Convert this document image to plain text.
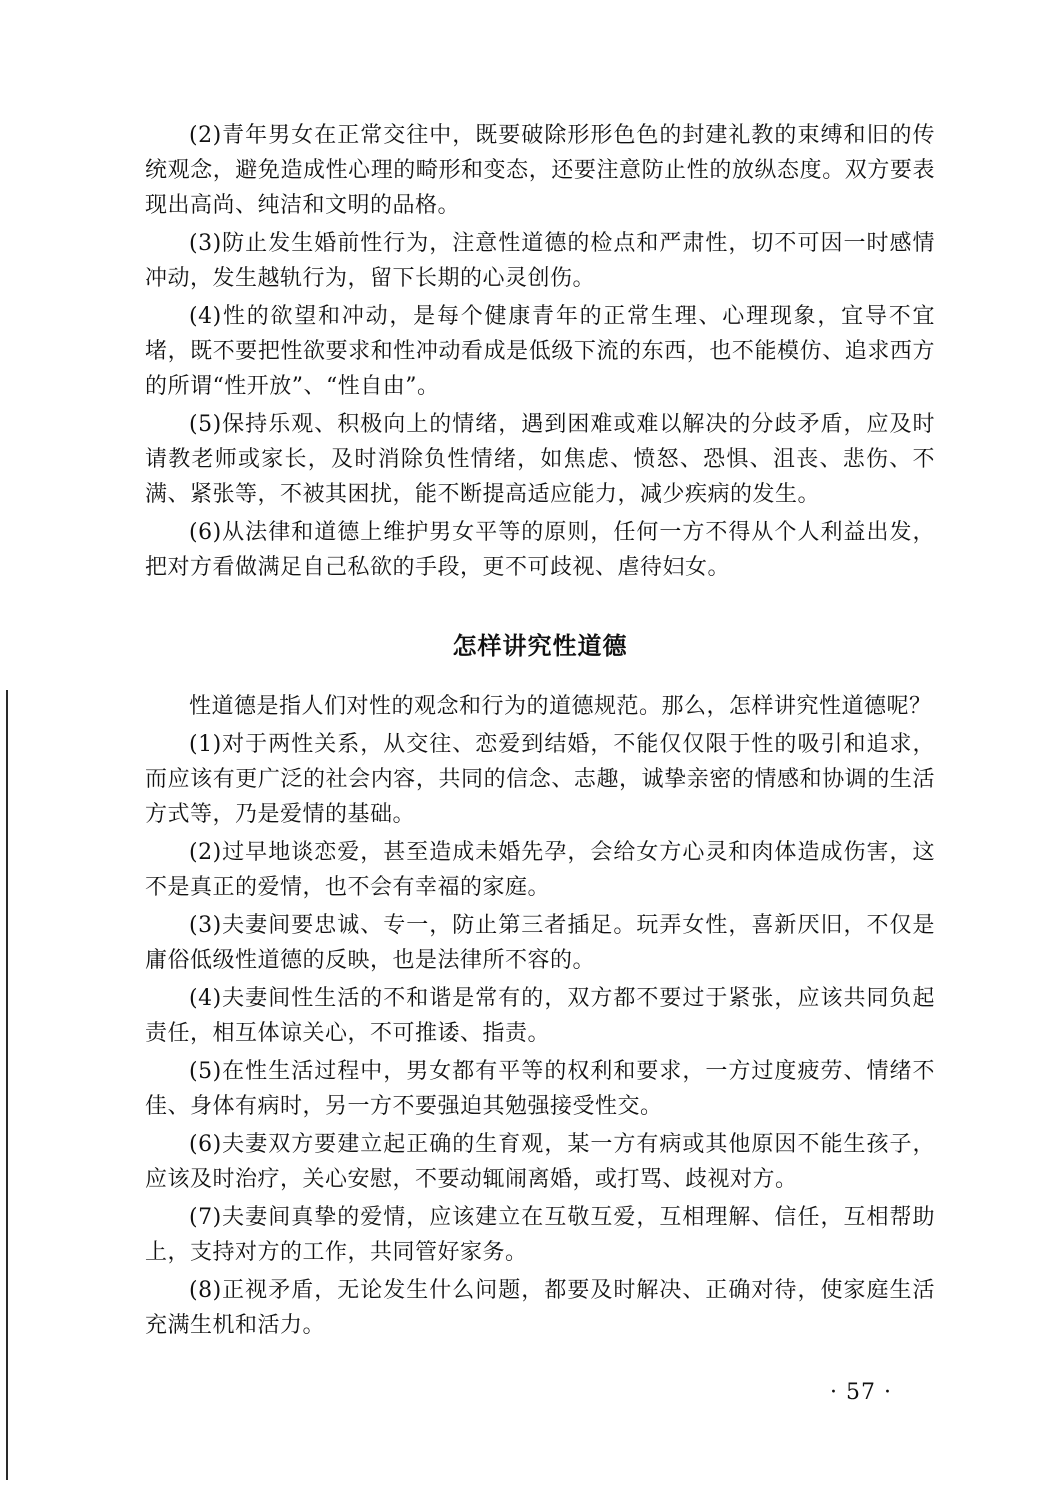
(2)青年男女在正常交往中，既要破除形形色色的封建礼教的束缚和旧的传统观念，避免造成性心理的畸形和变态，还要注意防止性的放纵态度。双方要表现出高尚、纯洁和文明的品格。

(3)防止发生婚前性行为，注意性道德的检点和严肃性，切不可因一时感情冲动，发生越轨行为，留下长期的心灵创伤。

(4)性的欲望和冲动，是每个健康青年的正常生理、心理现象，宜导不宜堵，既不要把性欲要求和性冲动看成是低级下流的东西，也不能模仿、追求西方的所谓“性开放”、“性自由”。

(5)保持乐观、积极向上的情绪，遇到困难或难以解决的分歧矛盾，应及时请教老师或家长，及时消除负性情绪，如焦虑、愤怒、恐惧、沮丧、悲伤、不满、紧张等，不被其困扰，能不断提高适应能力，减少疾病的发生。

(6)从法律和道德上维护男女平等的原则，任何一方不得从个人利益出发，把对方看做满足自己私欲的手段，更不可歧视、虐待妇女。

怎样讲究性道德

性道德是指人们对性的观念和行为的道德规范。那么，怎样讲究性道德呢？

(1)对于两性关系，从交往、恋爱到结婚，不能仅仅限于性的吸引和追求，而应该有更广泛的社会内容，共同的信念、志趣，诚挚亲密的情感和协调的生活方式等，乃是爱情的基础。

(2)过早地谈恋爱，甚至造成未婚先孕，会给女方心灵和肉体造成伤害，这不是真正的爱情，也不会有幸福的家庭。

(3)夫妻间要忠诚、专一，防止第三者插足。玩弄女性，喜新厌旧，不仅是庸俗低级性道德的反映，也是法律所不容的。

(4)夫妻间性生活的不和谐是常有的，双方都不要过于紧张，应该共同负起责任，相互体谅关心，不可推诿、指责。

(5)在性生活过程中，男女都有平等的权利和要求，一方过度疲劳、情绪不佳、身体有病时，另一方不要强迫其勉强接受性交。

(6)夫妻双方要建立起正确的生育观，某一方有病或其他原因不能生孩子，应该及时治疗，关心安慰，不要动辄闹离婚，或打骂、歧视对方。

(7)夫妻间真挚的爱情，应该建立在互敬互爱，互相理解、信任，互相帮助上，支持对方的工作，共同管好家务。

(8)正视矛盾，无论发生什么问题，都要及时解决、正确对待，使家庭生活充满生机和活力。

· 57 ·
